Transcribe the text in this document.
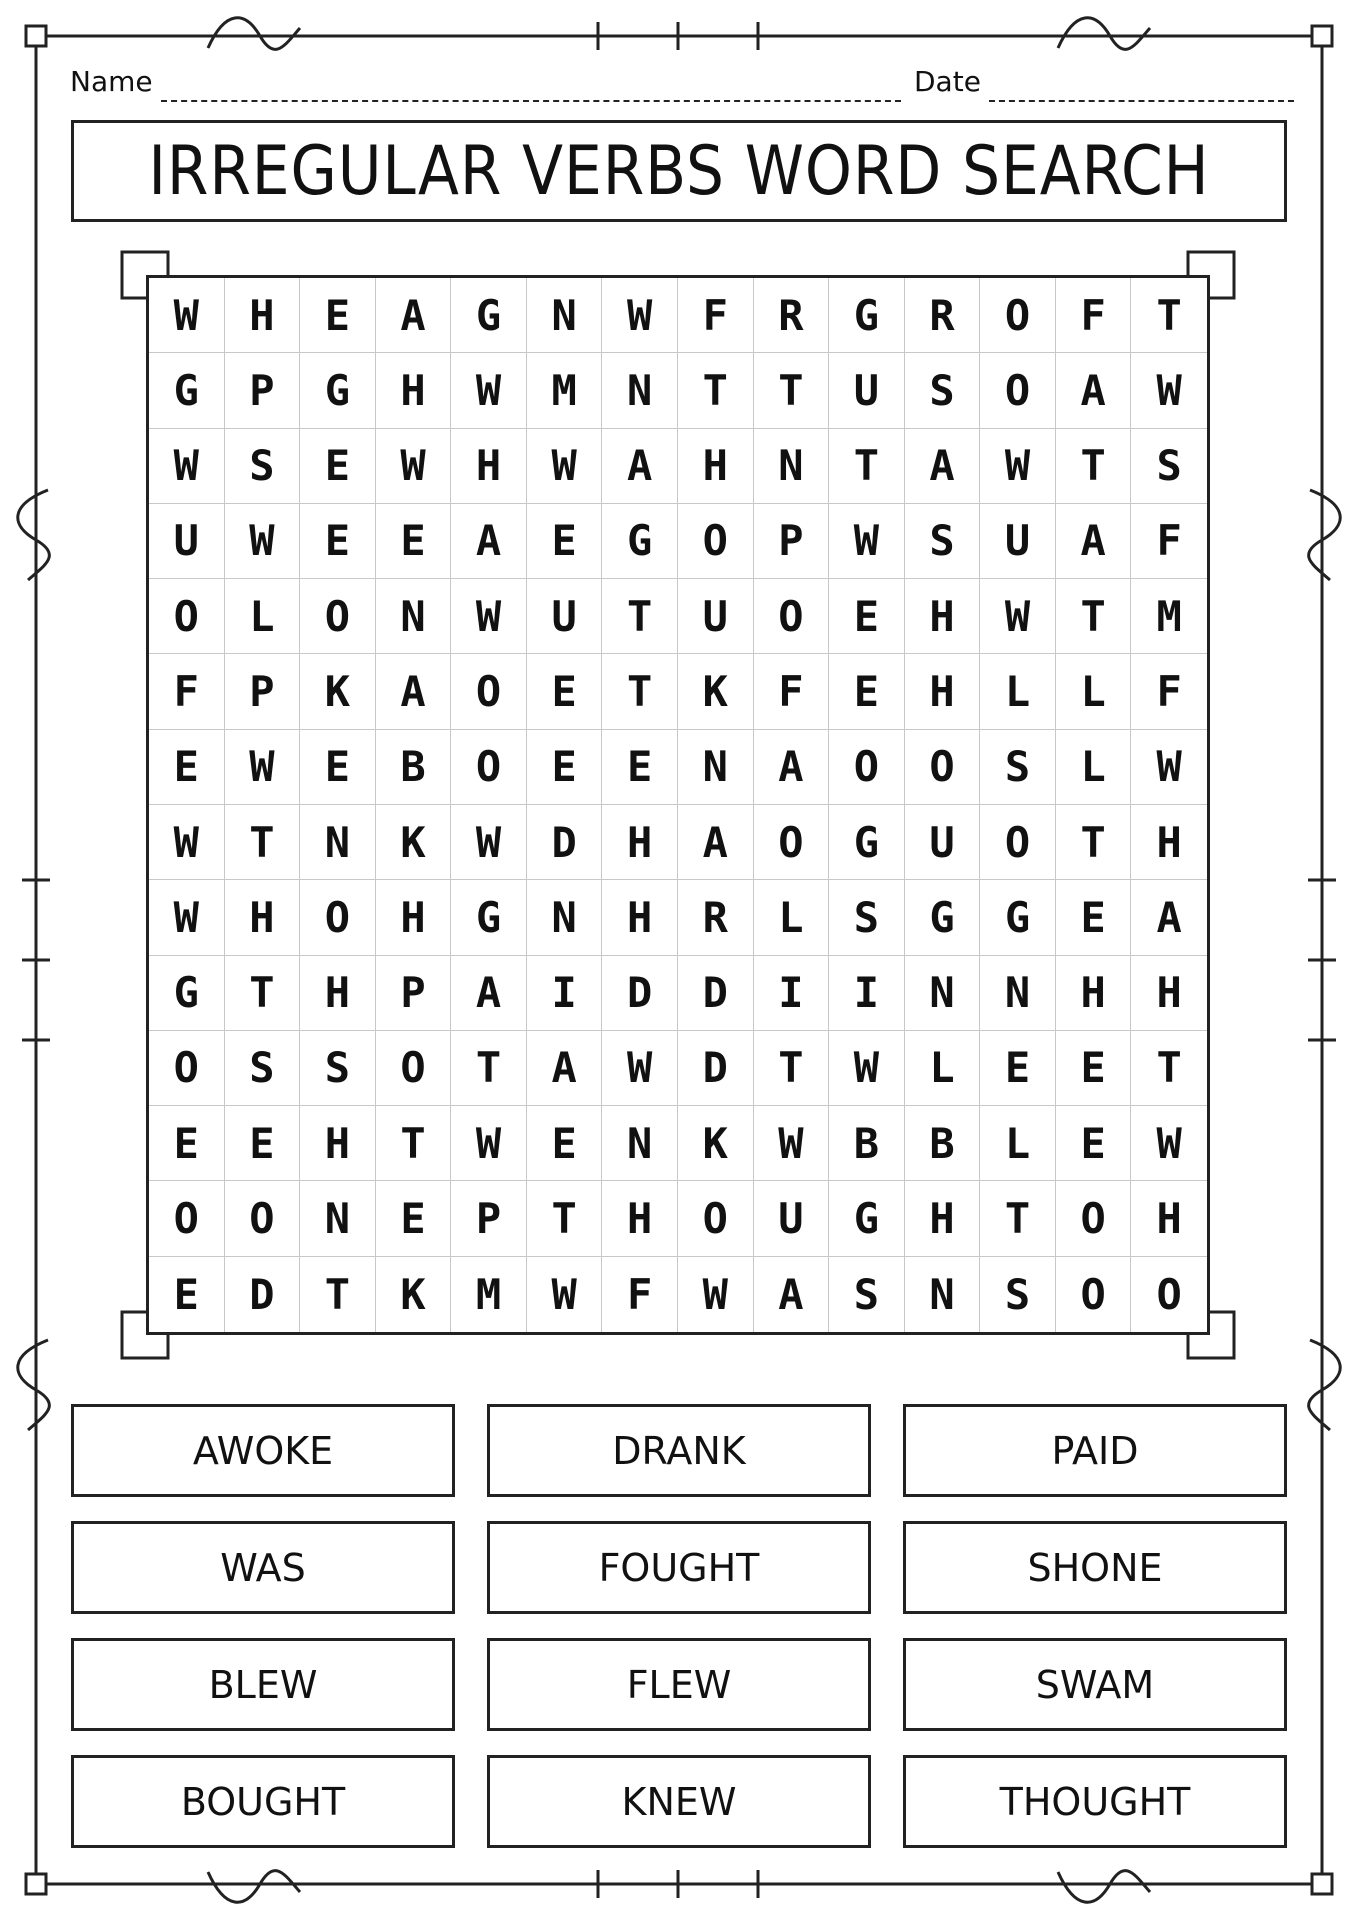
Name	Date
IRREGULAR VERBS WORD SEARCH
W	H	E	A	G	N	W	F	R	G	R	O	F	T
G	P	G	H	W	M	N	T	T	U	S	O	A	W
W	S	E	W	H	W	A	H	N	T	A	W	T	S
U	W	E	E	A	E	G	O	P	W	S	U	A	F
O	L	O	N	W	U	T	U	O	E	H	W	T	M
F	P	K	A	O	E	T	K	F	E	H	L	L	F
E	W	E	B	O	E	E	N	A	O	O	S	L	W
W	T	N	K	W	D	H	A	O	G	U	O	T	H
W	H	O	H	G	N	H	R	L	S	G	G	E	A
G	T	H	P	A	I	D	D	I	I	N	N	H	H
O	S	S	O	T	A	W	D	T	W	L	E	E	T
E	E	H	T	W	E	N	K	W	B	B	L	E	W
O	O	N	E	P	T	H	O	U	G	H	T	O	H
E	D	T	K	M	W	F	W	A	S	N	S	O	O
AWOKE	DRANK	PAID
WAS	FOUGHT	SHONE
BLEW	FLEW	SWAM
BOUGHT	KNEW	THOUGHT
